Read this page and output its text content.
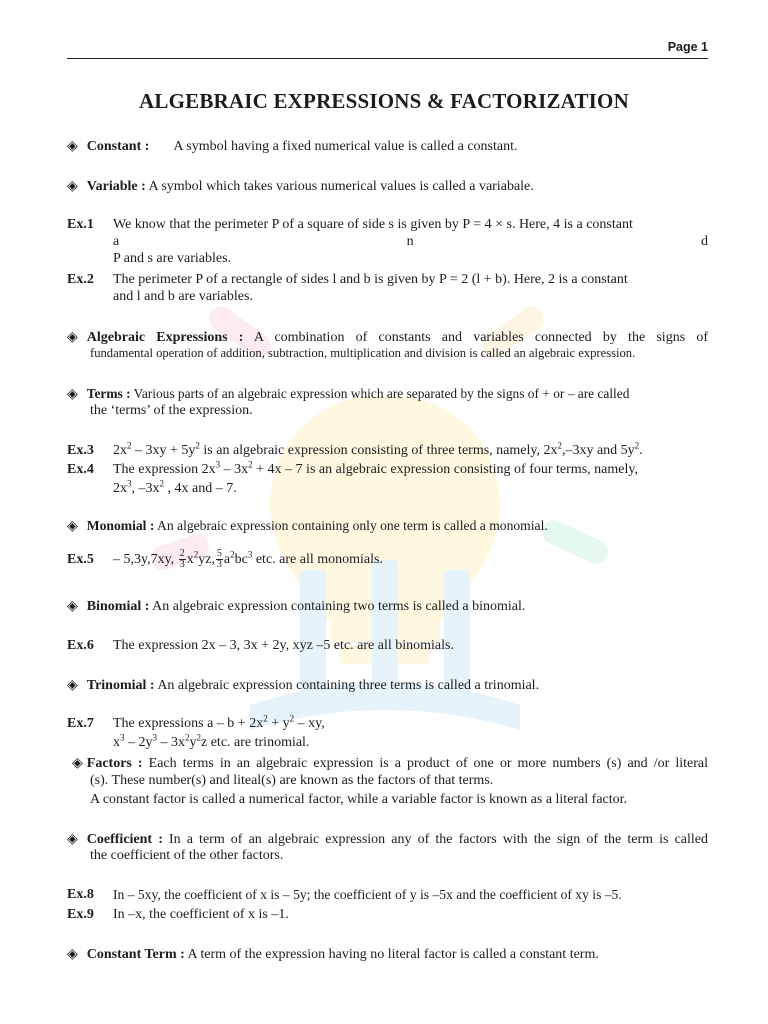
Page 1
ALGEBRAIC EXPRESSIONS & FACTORIZATION
◈ Constant : A symbol having a fixed numerical value is called a constant.
◈ Variable : A symbol which takes various numerical values is called a variabale.
Ex.1 We know that the perimeter P of a square of side s is given by P = 4 × s. Here, 4 is a constant
a	n	d
P and s are variables.
Ex.2 The perimeter P of a rectangle of sides l and b is given by P = 2 (l + b). Here, 2 is a constant
and l and b are variables.
◈ Algebraic Expressions : A combination of constants and variables connected by the signs of
fundamental operation of addition, subtraction, multiplication and division is called an algebraic expression.
◈ Terms : Various parts of an algebraic expression which are separated by the signs of + or – are called
the ‘terms’ of the expression.
Ex.3 $2x^2 - 3xy + 5y^2$ is an algebraic expression consisting of three terms, namely, $2x^2,-3xy$ and $5y^2$.
Ex.4 The expression $2x^3 - 3x^2 + 4x - 7$ is an algebraic expression consisting of four terms, namely,
$2x^3$, $-3x^2$ , 4x and – 7.
◈ Monomial : An algebraic expression containing only one term is called a monomial.
Ex.5 – 5,3y,7xy, $\frac{2}{3} x^2yz$, $\frac{5}{3} a^2bc^3$ etc. are all monomials.
◈ Binomial : An algebraic expression containing two terms is called a binomial.
Ex.6 The expression 2x – 3, 3x + 2y, xyz –5 etc. are all binomials.
◈ Trinomial : An algebraic expression containing three terms is called a trinomial.
Ex.7 The expressions $a - b + 2x^2 + y^2$ – xy,
$x^3 - 2y^3 - 3x^2y^2z$ etc. are trinomial.
◈ Factors : Each terms in an algebraic expression is a product of one or more numbers (s) and /or literal
(s). These number(s) and liteal(s) are known as the factors of that terms.
A constant factor is called a numerical factor, while a variable factor is known as a literal factor.
◈ Coefficient : In a term of an algebraic expression any of the factors with the sign of the term is called
the coefficient of the other factors.
Ex.8 In – 5xy, the coefficient of x is – 5y; the coefficient of y is –5x and the coefficient of xy is –5.
Ex.9 In –x, the coefficient of x is –1.
◈ Constant Term : A term of the expression having no literal factor is called a constant term.
